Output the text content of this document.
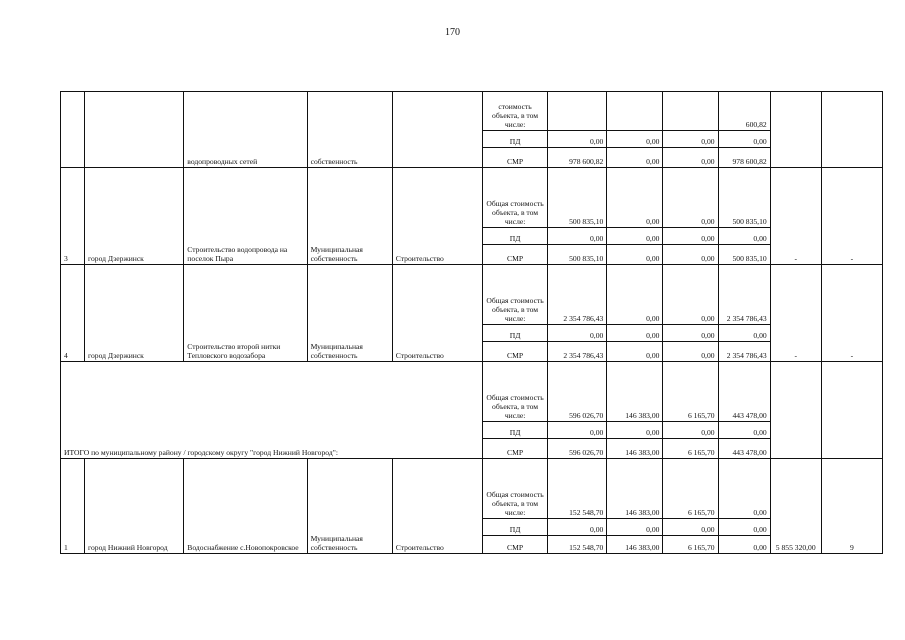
170
		водопроводных сетей	собственность		стоимость объекта, в том числе:				600,82		
					ПД	0,00	0,00	0,00	0,00		
					СМР	978 600,82	0,00	0,00	978 600,82		
3	город Дзержинск	Строительство водопровода на поселок Пыра	Муниципальная собственность	Строительство	Общая стоимость объекта, в том числе:	500 835,10	0,00	0,00	500 835,10	-	-
					ПД	0,00	0,00	0,00	0,00		
					СМР	500 835,10	0,00	0,00	500 835,10		
4	город Дзержинск	Строительство второй нитки Тепловского водозабора	Муниципальная собственность	Строительство	Общая стоимость объекта, в том числе:	2 354 786,43	0,00	0,00	2 354 786,43	-	-
					ПД	0,00	0,00	0,00	0,00		
					СМР	2 354 786,43	0,00	0,00	2 354 786,43		
ИТОГО по муниципальному району / городскому округу "город Нижний Новгород":					Общая стоимость объекта, в том числе:	596 026,70	146 383,00	6 165,70	443 478,00		
					ПД	0,00	0,00	0,00	0,00		
					СМР	596 026,70	146 383,00	6 165,70	443 478,00		
1	город Нижний Новгород	Водоснабжение с.Новопокровское	Муниципальная собственность	Строительство	Общая стоимость объекта, в том числе:	152 548,70	146 383,00	6 165,70	0,00	5 855 320,00	9
					ПД	0,00	0,00	0,00	0,00		
					СМР	152 548,70	146 383,00	6 165,70	0,00		
